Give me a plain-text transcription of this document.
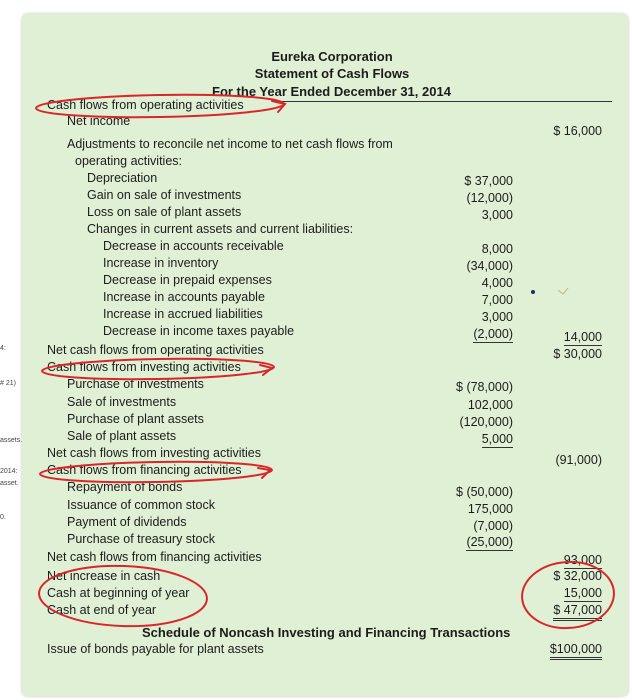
4:
# 21)
assets.
2014:
asset.
0.
Eureka Corporation
Statement of Cash Flows
For the Year Ended December 31, 2014
Cash flows from operating activities
Net income
$ 16,000
Adjustments to reconcile net income to net cash flows from
operating activities:
Depreciation	$ 37,000
Gain on sale of investments	(12,000)
Loss on sale of plant assets	3,000
Changes in current assets and current liabilities:
Decrease in accounts receivable	8,000
Increase in inventory	(34,000)
Decrease in prepaid expenses	4,000
Increase in accounts payable	7,000
Increase in accrued liabilities	3,000
Decrease in income taxes payable	(2,000)	14,000
Net cash flows from operating activities	$ 30,000
Cash flows from investing activities
Purchase of investments	$ (78,000)
Sale of investments	102,000
Purchase of plant assets	(120,000)
Sale of plant assets	5,000
Net cash flows from investing activities	(91,000)
Cash flows from financing activities
Repayment of bonds	$ (50,000)
Issuance of common stock	175,000
Payment of dividends	(7,000)
Purchase of treasury stock	(25,000)
Net cash flows from financing activities	93,000
Net increase in cash	$ 32,000
Cash at beginning of year	15,000
Cash at end of year	$ 47,000
Schedule of Noncash Investing and Financing Transactions
Issue of bonds payable for plant assets	$100,000
